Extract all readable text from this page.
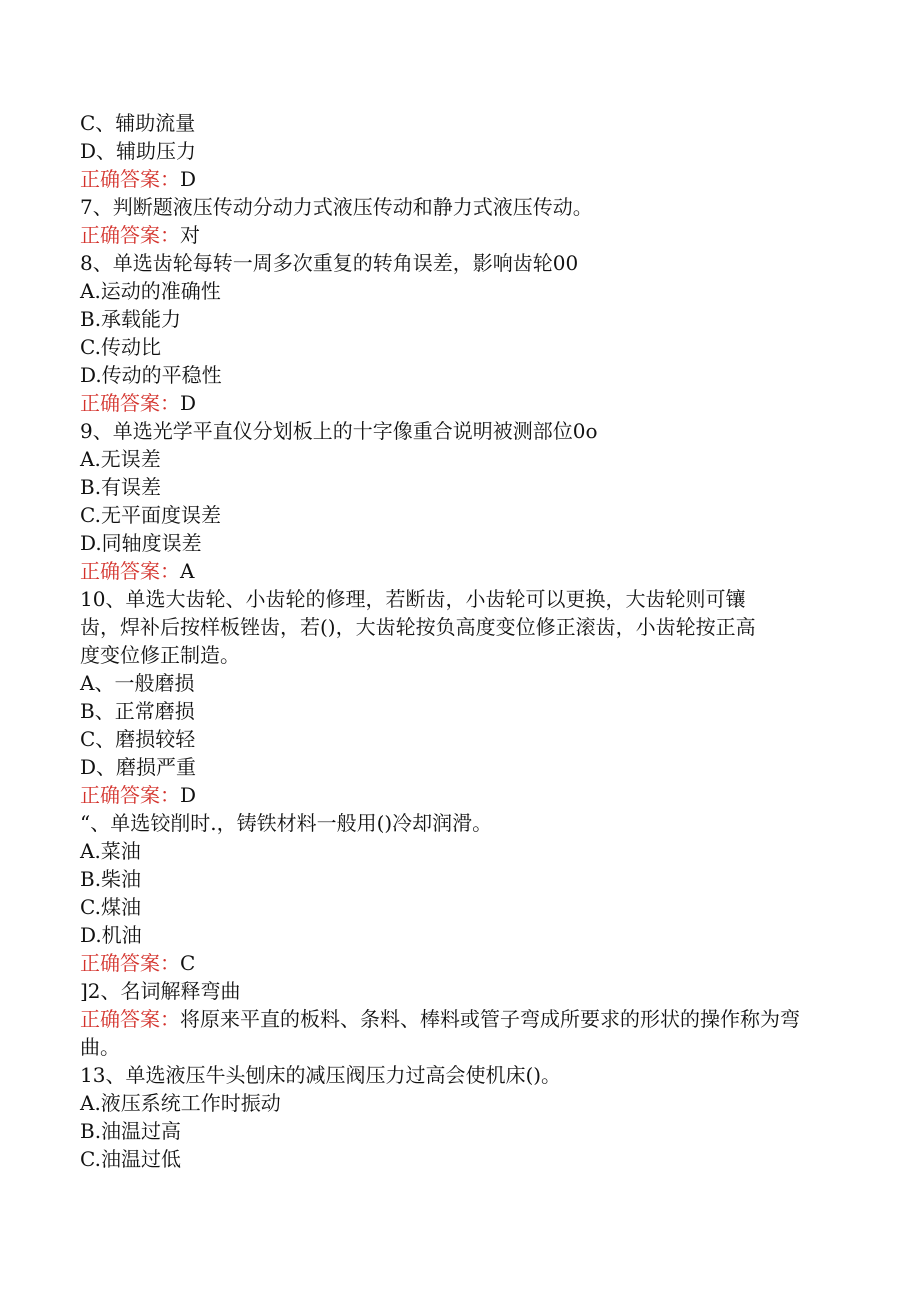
C、辅助流量
D、辅助压力
正确答案：D
7、判断题液压传动分动力式液压传动和静力式液压传动。
正确答案：对
8、单选齿轮每转一周多次重复的转角误差，影响齿轮00
A.运动的准确性
B.承载能力
C.传动比
D.传动的平稳性
正确答案：D
9、单选光学平直仪分划板上的十字像重合说明被测部位0o
A.无误差
B.有误差
C.无平面度误差
D.同轴度误差
正确答案：A
10、单选大齿轮、小齿轮的修理，若断齿，小齿轮可以更换，大齿轮则可镶
齿，焊补后按样板锉齿，若()，大齿轮按负高度变位修正滚齿，小齿轮按正高
度变位修正制造。
A、一般磨损
B、正常磨损
C、磨损较轻
D、磨损严重
正确答案：D
“、单选铰削时.，铸铁材料一般用()冷却润滑。
A.菜油
B.柴油
C.煤油
D.机油
正确答案：C
]2、名词解释弯曲
正确答案：将原来平直的板料、条料、棒料或管子弯成所要求的形状的操作称为弯曲。
13、单选液压牛头刨床的减压阀压力过高会使机床()。
A.液压系统工作时振动
B.油温过高
C.油温过低
